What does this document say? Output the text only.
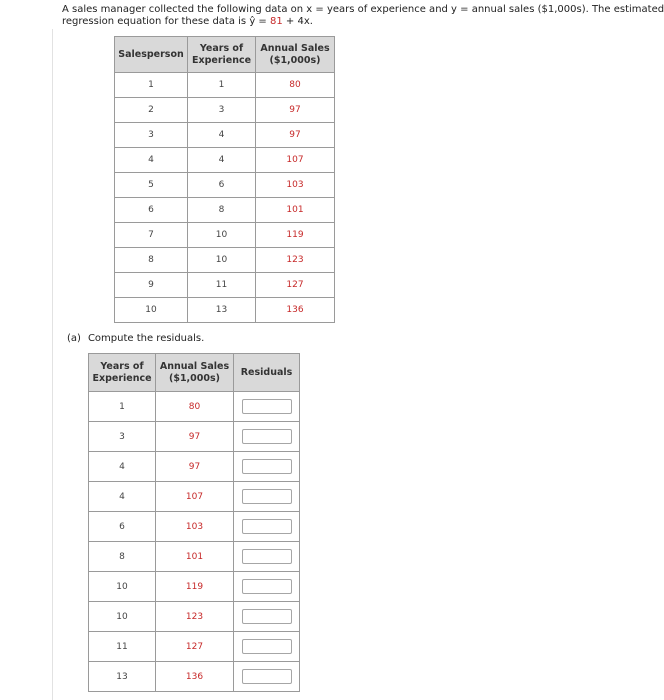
A sales manager collected the following data on x = years of experience and y = annual sales ($1,000s). The estimated

regression equation for these data is ŷ = 81 + 4x.

Salesperson	Years of Experience	Annual Sales ($1,000s)
1	1	80
2	3	97
3	4	97
4	4	107
5	6	103
6	8	101
7	10	119
8	10	123
9	11	127
10	13	136

(a) Compute the residuals.

Years of Experience	Annual Sales ($1,000s)	Residuals
1	80	

3	97	

4	97	

4	107	

6	103	

8	101	

10	119	

10	123	

11	127	

13	136	
